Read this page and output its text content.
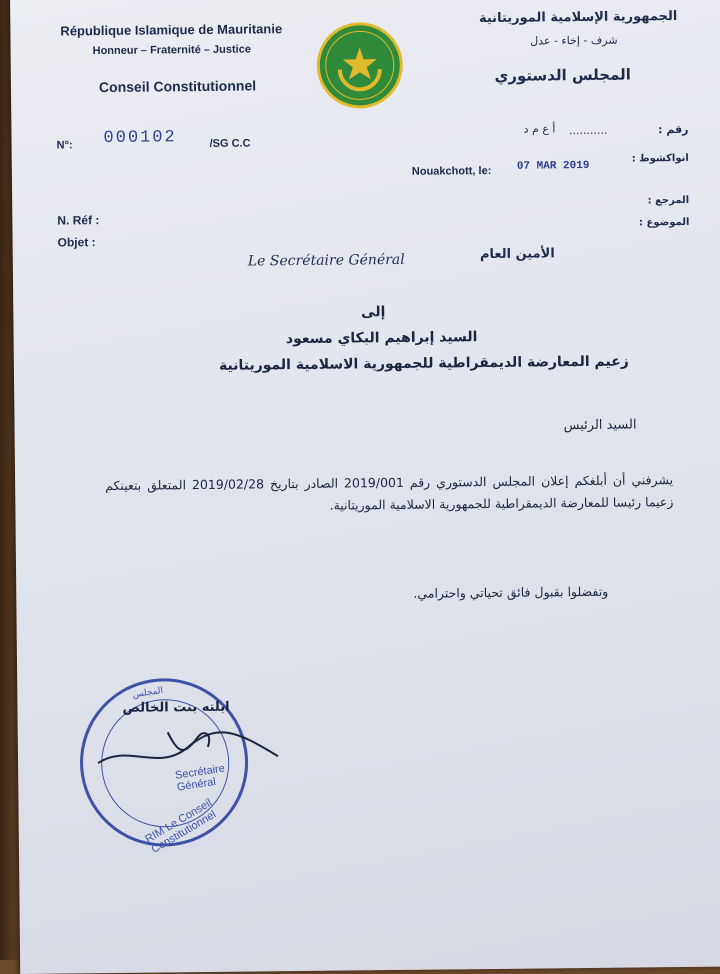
République Islamique de Mauritanie
Honneur – Fraternité – Justice
Conseil Constitutionnel
الجمهورية الإسلامية الموريتانية
شرف - إخاء - عدل
المجلس الدستوري
N°: 000102	/SG C.C
رقم :
...........
أ ع م د
Nouakchott, le: 07 MAR 2019
انواكشوط :
N. Réf :
Objet :
المرجع :
الموضوع :
Le Secrétaire Général	الأمين العام
إلى
السيد إبراهيم البكاي مسعود
زعيم المعارضة الديمقراطية للجمهورية الاسلامية الموريتانية
السيد الرئيس
يشرفني أن أبلغكم إعلان المجلس الدستوري رقم 2019/001 الصادر بتاريخ 2019/02/28 المتعلق بتعينكم زعيما رئيسا للمعارضة الديمقراطية للجمهورية الاسلامية الموريتانية.
وتفضلوا بقبول فائق تحياتي واحترامي.
RIM Le Conseil Constitutionnel
Secrétaire Général
المجلس
ابلته بنت الخالص
